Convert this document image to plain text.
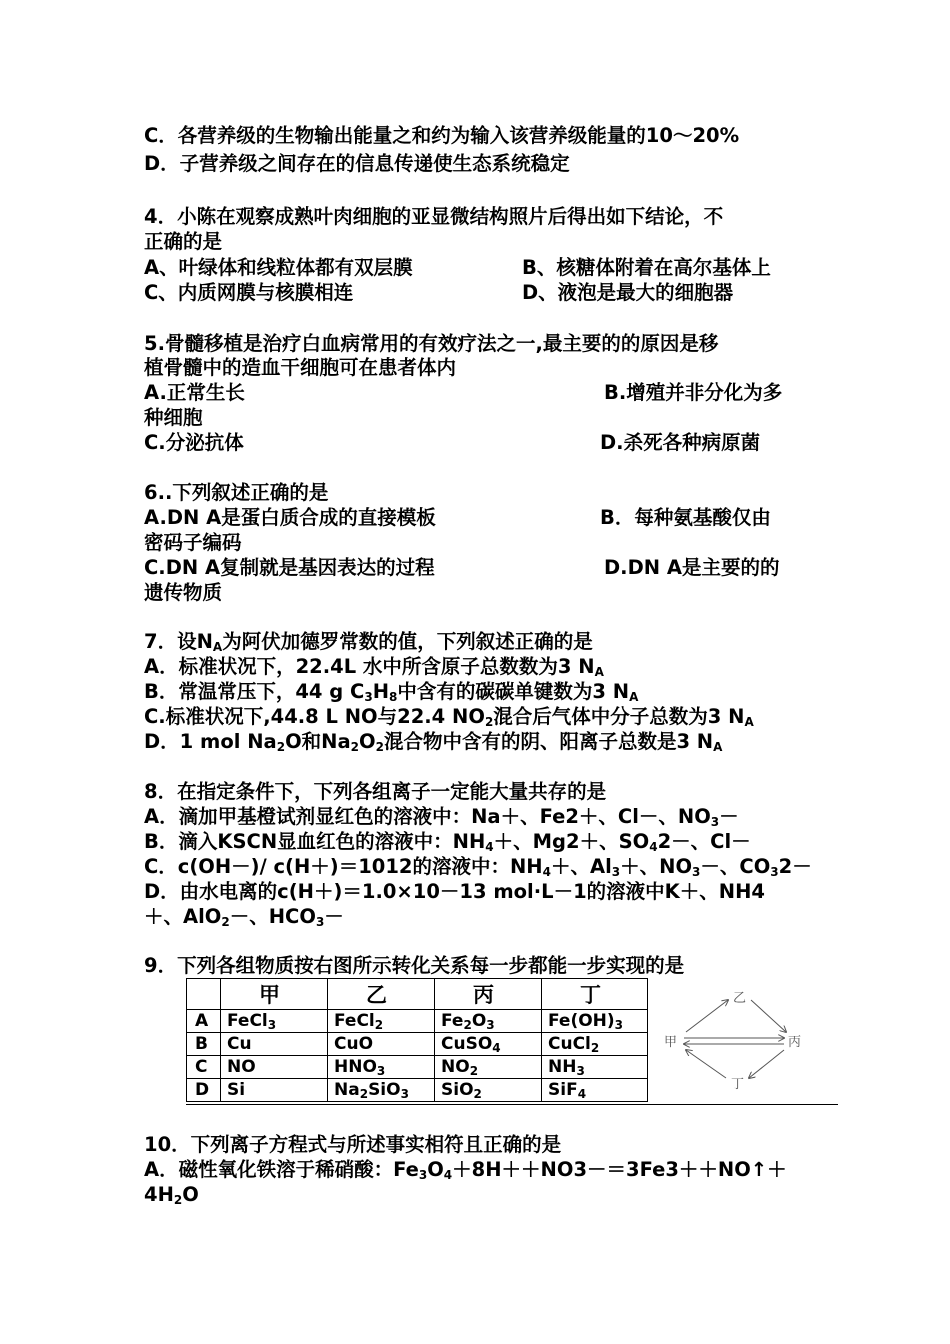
C．各营养级的生物输出能量之和约为输入该营养级能量的10～20%
D．子营养级之间存在的信息传递使生态系统稳定
4．小陈在观察成熟叶肉细胞的亚显微结构照片后得出如下结论，不
正确的是
A、叶绿体和线粒体都有双层膜	B、核糖体附着在高尔基体上
C、内质网膜与核膜相连	D、液泡是最大的细胞器
5.骨髓移植是治疗白血病常用的有效疗法之一,最主要的的原因是移
植骨髓中的造血干细胞可在患者体内
A.正常生长	B.增殖并非分化为多
种细胞
C.分泌抗体	D.杀死各种病原菌
6..下列叙述正确的是
A.DN A是蛋白质合成的直接模板	B．每种氨基酸仅由
密码子编码
C.DN A复制就是基因表达的过程	D.DN A是主要的的
遗传物质
7．设$N_A$为阿伏加德罗常数的值，下列叙述正确的是
A．标准状况下，22.4L 水中所含原子总数数为3 $N_A$
B．常温常压下，44 g $C_3H_8$中含有的碳碳单键数为3 $N_A$
C.标准状况下,44.8 L NO与22.4 $NO_2$混合后气体中分子总数为3 $N_A$
D．1 mol $Na_2O$和$Na_2O_2$混合物中含有的阴、阳离子总数是3 $N_A$
8．在指定条件下，下列各组离子一定能大量共存的是
A．滴加甲基橙试剂显红色的溶液中：Na＋、Fe2＋、Cl－、$NO_3-$
B．滴入KSCN显血红色的溶液中：$NH_4+$、Mg2＋、$SO_42-$、Cl－
C．c(OH－)/ c(H＋)＝1012的溶液中：$NH_4+$、$Al_3+$、$NO_3-$、$CO_32-$
D．由水电离的c(H＋)＝1.0×10－13 mol·L－1的溶液中K＋、NH4
＋、AlO$_2$－、$HCO_3-$
9．下列各组物质按右图所示转化关系每一步都能一步实现的是
	甲	乙	丙	丁
A	FeCl$_3$	FeCl$_2$	$Fe_2O_3$	$Fe(OH)_3$
B	Cu	CuO	CuSO$_4$	CuCl$_2$
C	NO	$HNO_3$	$NO_2$	$NH_3$
D	Si	$Na_2SiO_3$	SiO$_2$	SiF$_4$
乙
甲	丙
丁
10．下列离子方程式与所述事实相符且正确的是
A．磁性氧化铁溶于稀硝酸：$Fe_3O_4+8H++NO3-=3Fe3++NO↑+$
$4H_2O$
